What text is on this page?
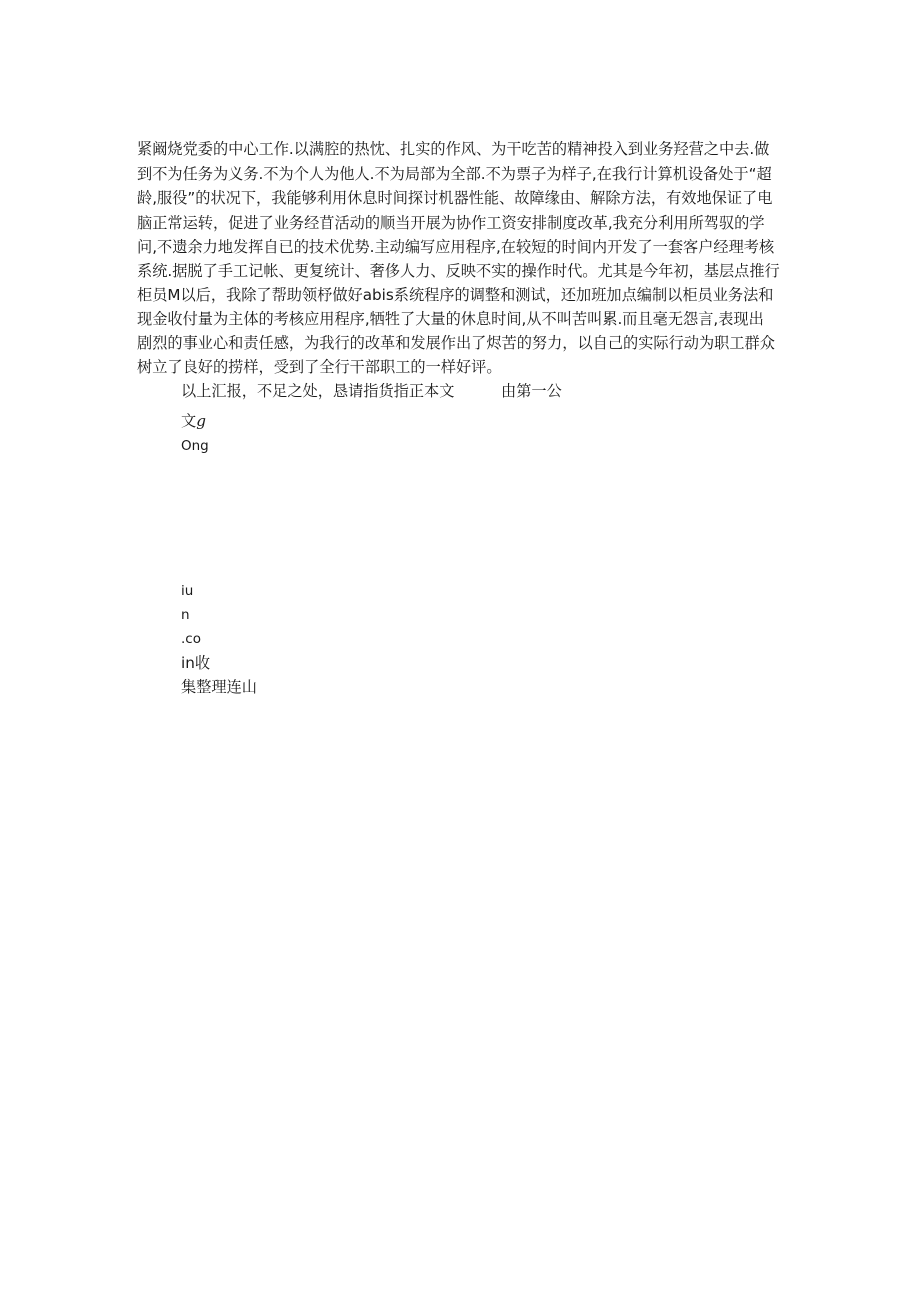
紧阚烧党委的中心工作.以满腔的热忱、扎实的作风、为干吃苦的精神投入到业务羟营之中去.做
到不为任务为义务.不为个人为他人.不为局部为全部.不为票子为样子,在我行计算机设备处于“超
龄,服役”的状况下，我能够利用休息时间探讨机器性能、故障缘由、解除方法，有效地保证了电
脑正常运转，促进了业务经苜活动的顺当开展为协作工资安排制度改革,我充分利用所驾驭的学
问,不遗余力地发挥自已的技术优势.主动编写应用程序,在较短的时间内开发了一套客户经理考核
系统.据脱了手工记帐、更复统计、奢侈人力、反映不实的操作时代。尤其是今年初，基层点推行
柜员M以后，我除了帮助领杼做好abis系统程序的调整和测试，还加班加点编制以柜员业务法和
现金收付量为主体的考核应用程序,牺牲了大量的休息时间,从不叫苦叫累.而且毫无怨言,表现出
剧烈的事业心和责任感，为我行的改革和发展作出了烬苦的努力，以自己的实际行动为职工群众
树立了良好的捞样，受到了全行干部职工的一样好评。
以上汇报，不足之处，恳请指货指正本文	由第一公
文g
Ong
iu
n
.co
in收
集整理连山
